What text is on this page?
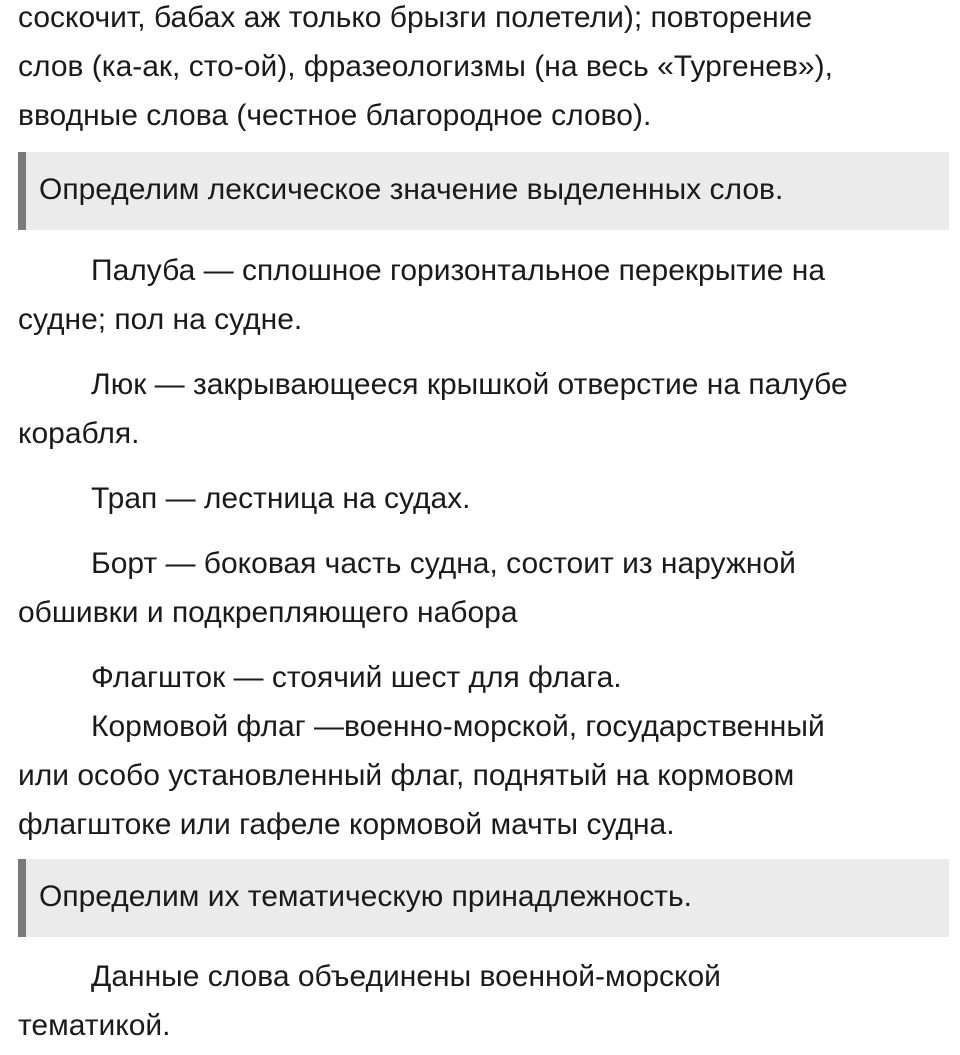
соскочит, бабах аж только брызги полетели); повторение
слов (ка-ак, сто-ой), фразеологизмы (на весь «Тургенев»),
вводные слова (честное благородное слово).

Определим лексическое значение выделенных слов.

Палуба — сплошное горизонтальное перекрытие на
судне; пол на судне.

Люк — закрывающееся крышкой отверстие на палубе
корабля.

Трап — лестница на судах.

Борт — боковая часть судна, состоит из наружной
обшивки и подкрепляющего набора

Флагшток — стоячий шест для флага.
Кормовой флаг —военно-морской, государственный
или особо установленный флаг, поднятый на кормовом
флагштоке или гафеле кормовой мачты судна.

Определим их тематическую принадлежность.

Данные слова объединены военной-морской
тематикой.
